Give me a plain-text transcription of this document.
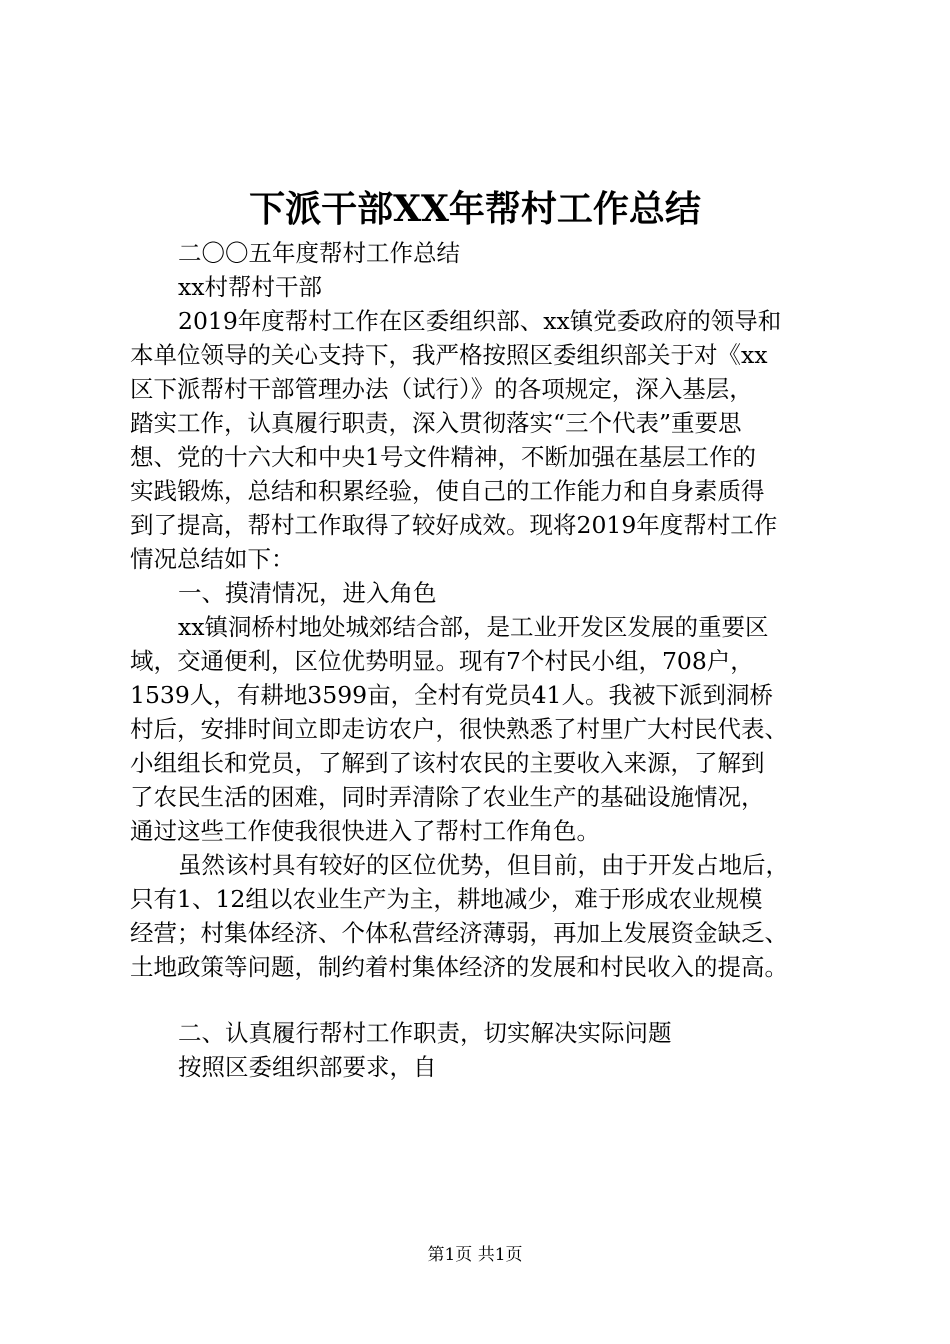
下派干部XX年帮村工作总结
二〇〇五年度帮村工作总结
xx村帮村干部
2019年度帮村工作在区委组织部、xx镇党委政府的领导和
本单位领导的关心支持下，我严格按照区委组织部关于对《xx
区下派帮村干部管理办法（试行）》的各项规定，深入基层，
踏实工作，认真履行职责，深入贯彻落实“三个代表”重要思
想、党的十六大和中央1号文件精神，不断加强在基层工作的
实践锻炼，总结和积累经验，使自己的工作能力和自身素质得
到了提高，帮村工作取得了较好成效。现将2019年度帮村工作
情况总结如下：
一、摸清情况，进入角色
xx镇洞桥村地处城郊结合部，是工业开发区发展的重要区
域，交通便利，区位优势明显。现有7个村民小组，708户，
1539人，有耕地3599亩，全村有党员41人。我被下派到洞桥
村后，安排时间立即走访农户，很快熟悉了村里广大村民代表、
小组组长和党员，了解到了该村农民的主要收入来源，了解到
了农民生活的困难，同时弄清除了农业生产的基础设施情况，
通过这些工作使我很快进入了帮村工作角色。
虽然该村具有较好的区位优势，但目前，由于开发占地后，
只有1、12组以农业生产为主，耕地减少，难于形成农业规模
经营；村集体经济、个体私营经济薄弱，再加上发展资金缺乏、
土地政策等问题，制约着村集体经济的发展和村民收入的提高。
二、认真履行帮村工作职责，切实解决实际问题
按照区委组织部要求，自
第1页 共1页
